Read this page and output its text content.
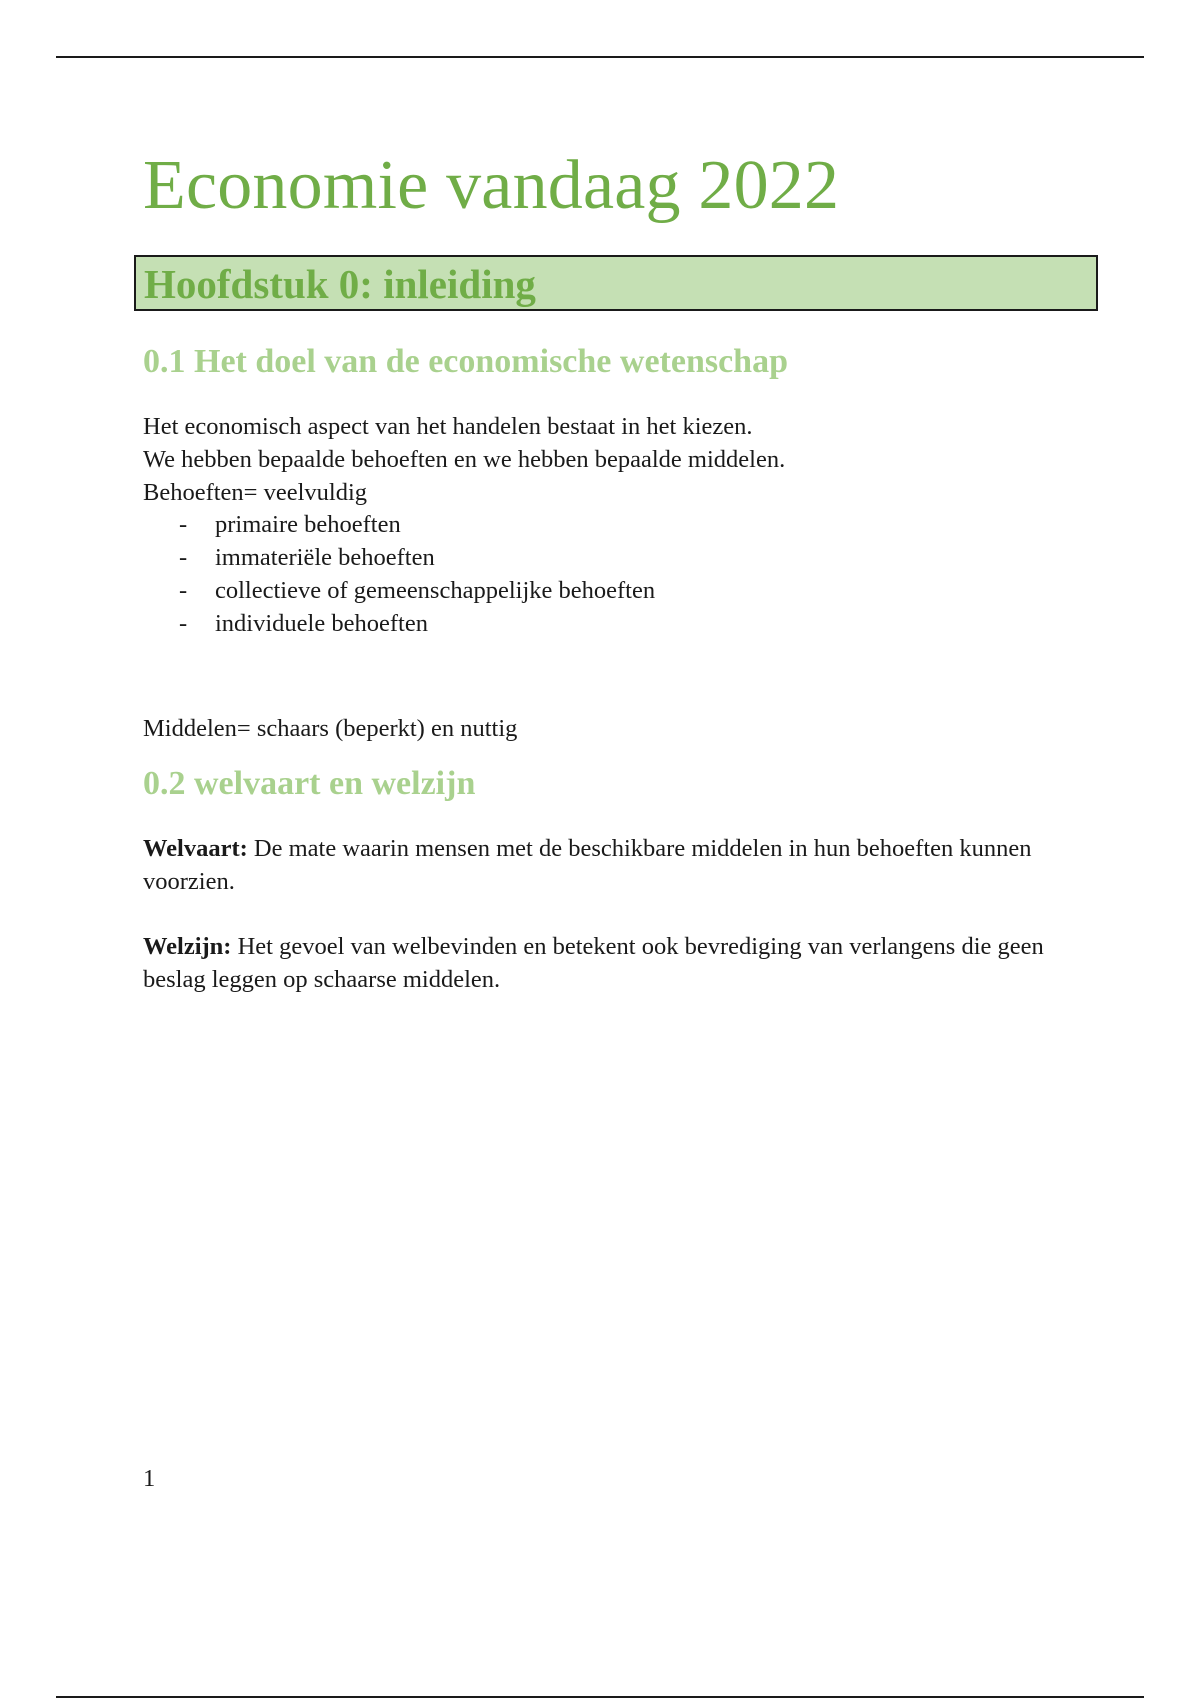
Economie vandaag 2022
Hoofdstuk 0: inleiding
0.1 Het doel van de economische wetenschap

Het economisch aspect van het handelen bestaat in het kiezen.
We hebben bepaalde behoeften en we hebben bepaalde middelen.

Behoeften= veelvuldig

- primaire behoeften
- immateriële behoeften
- collectieve of gemeenschappelijke behoeften
- individuele behoeften

Middelen= schaars (beperkt) en nuttig

0.2 welvaart en welzijn

Welvaart: De mate waarin mensen met de beschikbare middelen in hun behoeften kunnen voorzien.

Welzijn: Het gevoel van welbevinden en betekent ook bevrediging van verlangens die geen beslag leggen op schaarse middelen.

1
